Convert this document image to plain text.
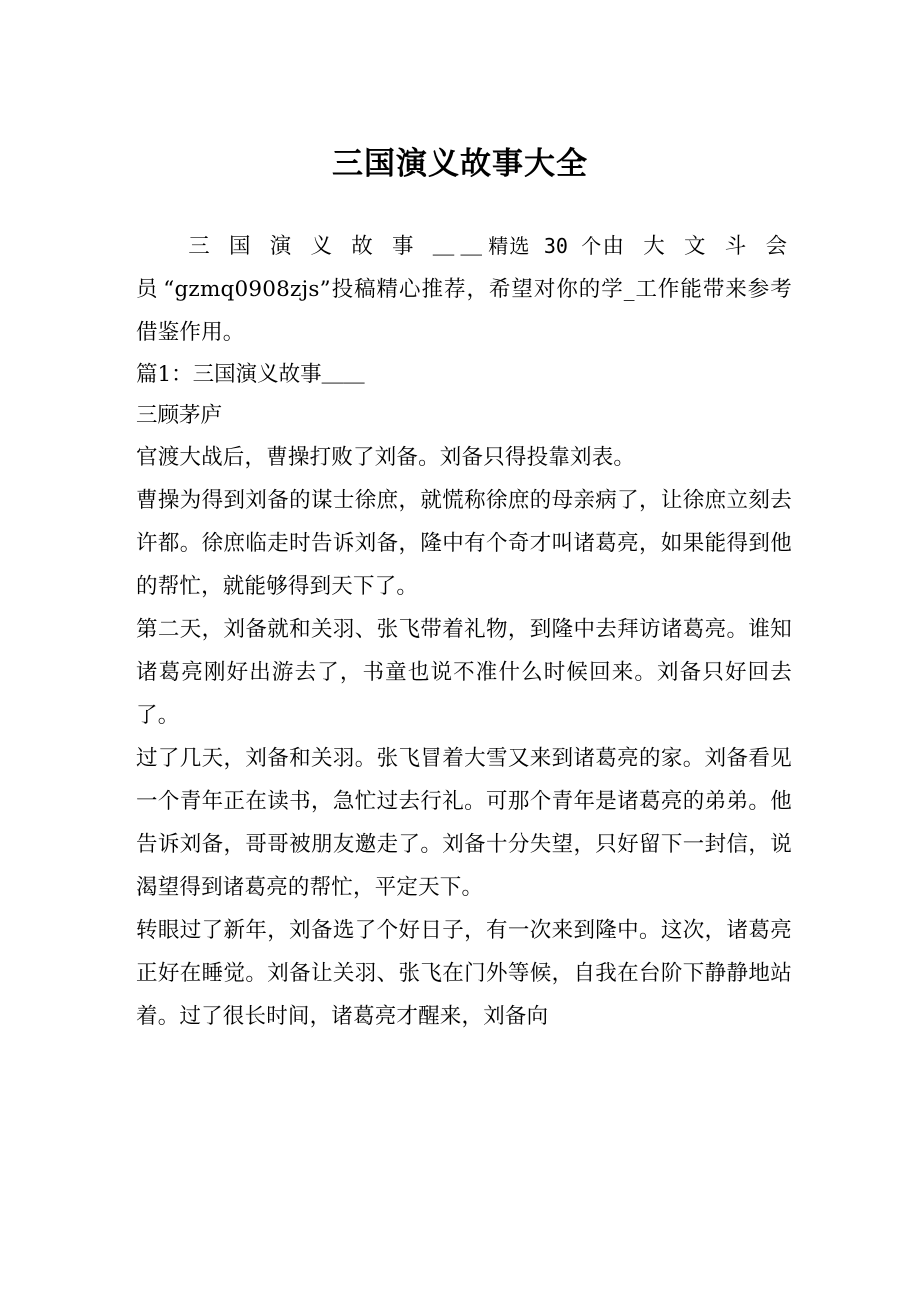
三国演义故事大全

三 国 演 义 故 事 ＿＿精选 30 个由 大 文 斗 会 员“gzmq0908zjs”投稿精心推荐，希望对你的学_工作能带来参考借鉴作用。

篇1：三国演义故事＿＿

三顾茅庐

官渡大战后，曹操打败了刘备。刘备只得投靠刘表。

曹操为得到刘备的谋士徐庶，就慌称徐庶的母亲病了，让徐庶立刻去许都。徐庶临走时告诉刘备，隆中有个奇才叫诸葛亮，如果能得到他的帮忙，就能够得到天下了。

第二天，刘备就和关羽、张飞带着礼物，到隆中去拜访诸葛亮。谁知诸葛亮刚好出游去了，书童也说不准什么时候回来。刘备只好回去了。

过了几天，刘备和关羽。张飞冒着大雪又来到诸葛亮的家。刘备看见一个青年正在读书，急忙过去行礼。可那个青年是诸葛亮的弟弟。他告诉刘备，哥哥被朋友邀走了。刘备十分失望，只好留下一封信，说渴望得到诸葛亮的帮忙，平定天下。

转眼过了新年，刘备选了个好日子，有一次来到隆中。这次，诸葛亮正好在睡觉。刘备让关羽、张飞在门外等候，自我在台阶下静静地站着。过了很长时间，诸葛亮才醒来，刘备向
